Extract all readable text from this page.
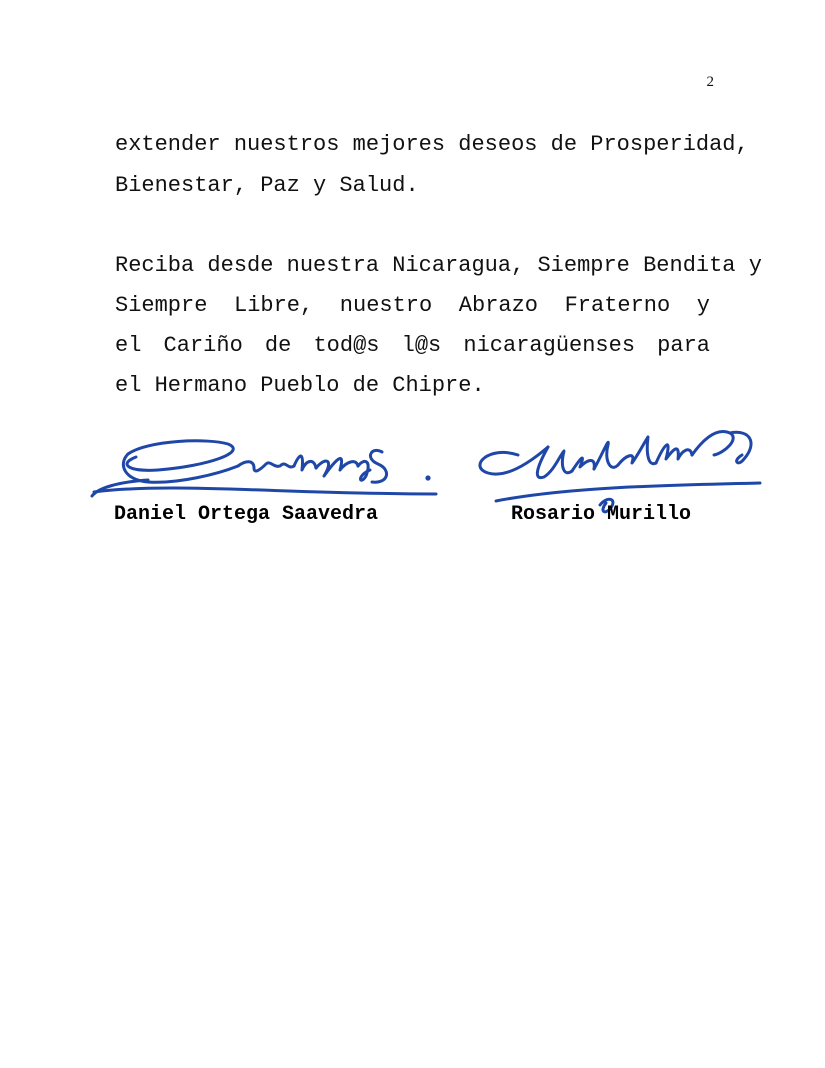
2
extender nuestros mejores deseos de Prosperidad,
Bienestar, Paz y Salud.
Reciba desde nuestra Nicaragua, Siempre Bendita y
Siempre Libre, nuestro Abrazo Fraterno y
el Cariño de tod@s l@s nicaragüenses para
el Hermano Pueblo de Chipre.
Daniel Ortega Saavedra	Rosario Murillo
